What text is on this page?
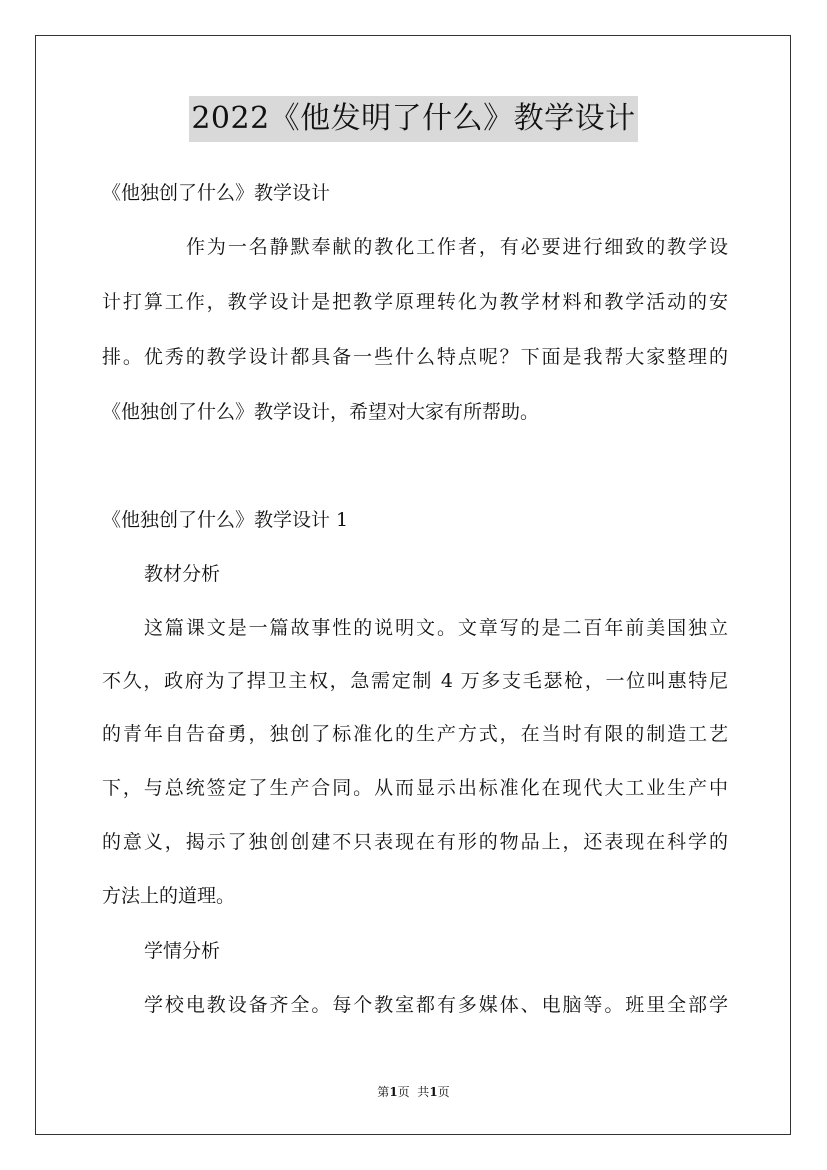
2022《他发明了什么》教学设计
《他独创了什么》教学设计
作为一名静默奉献的教化工作者，有必要进行细致的教学设
计打算工作，教学设计是把教学原理转化为教学材料和教学活动的安
排。优秀的教学设计都具备一些什么特点呢？下面是我帮大家整理的
《他独创了什么》教学设计，希望对大家有所帮助。
《他独创了什么》教学设计 1
教材分析
这篇课文是一篇故事性的说明文。文章写的是二百年前美国独立
不久，政府为了捍卫主权，急需定制 4 万多支毛瑟枪，一位叫惠特尼
的青年自告奋勇，独创了标准化的生产方式，在当时有限的制造工艺
下，与总统签定了生产合同。从而显示出标准化在现代大工业生产中
的意义，揭示了独创创建不只表现在有形的物品上，还表现在科学的
方法上的道理。
学情分析
学校电教设备齐全。每个教室都有多媒体、电脑等。班里全部学
第1页  共1页
